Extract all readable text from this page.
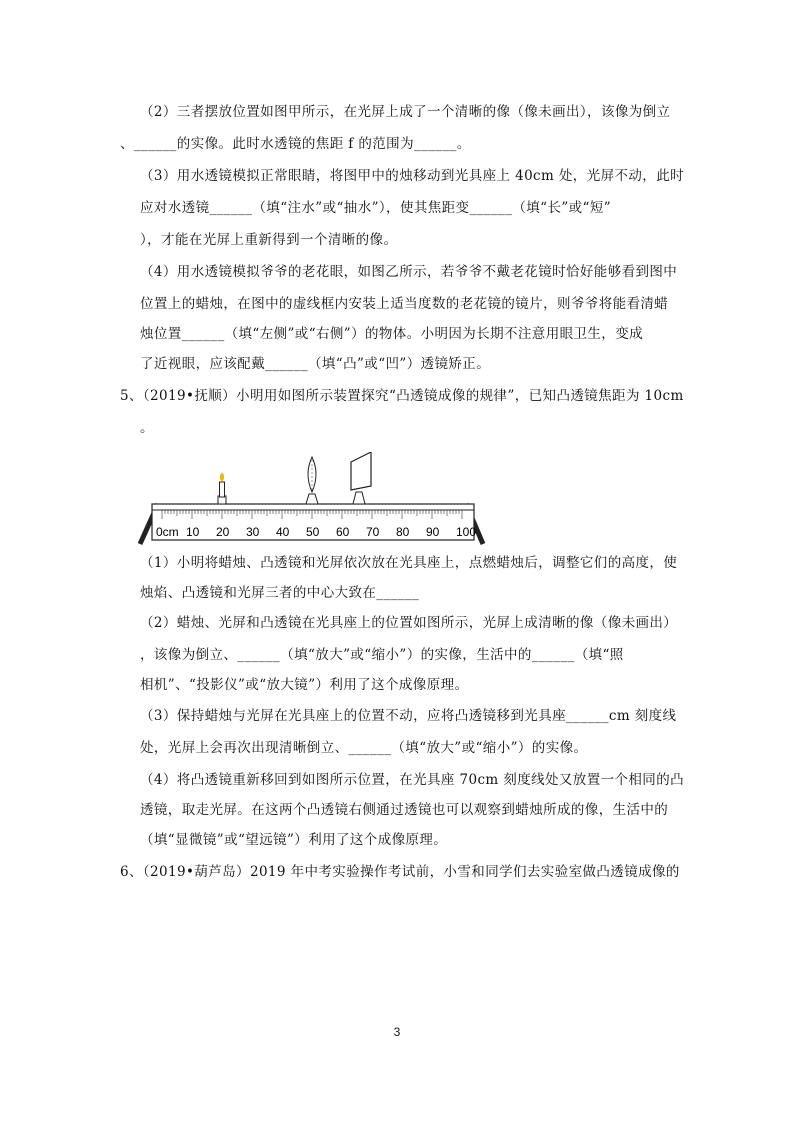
（2）三者摆放位置如图甲所示，在光屏上成了一个清晰的像（像未画出），该像为倒立
、______的实像。此时水透镜的焦距 f 的范围为______。
（3）用水透镜模拟正常眼睛，将图甲中的烛移动到光具座上 40cm 处，光屏不动，此时
应对水透镜______（填“注水”或“抽水”），使其焦距变______（填“长”或“短”
），才能在光屏上重新得到一个清晰的像。
（4）用水透镜模拟爷爷的老花眼，如图乙所示，若爷爷不戴老花镜时恰好能够看到图中
位置上的蜡烛，在图中的虚线框内安装上适当度数的老花镜的镜片，则爷爷将能看清蜡
烛位置______（填“左侧”或“右侧”）的物体。小明因为长期不注意用眼卫生，变成
了近视眼，应该配戴______（填“凸”或“凹”）透镜矫正。
5、（2019•抚顺）小明用如图所示装置探究“凸透镜成像的规律”，已知凸透镜焦距为 10cm
。
0cm 10 20 30 40 50 60 70 80 90 100
（1）小明将蜡烛、凸透镜和光屏依次放在光具座上，点燃蜡烛后，调整它们的高度，使
烛焰、凸透镜和光屏三者的中心大致在______
（2）蜡烛、光屏和凸透镜在光具座上的位置如图所示，光屏上成清晰的像（像未画出）
，该像为倒立、______（填“放大”或“缩小”）的实像，生活中的______（填“照
相机”、“投影仪”或“放大镜”）利用了这个成像原理。
（3）保持蜡烛与光屏在光具座上的位置不动，应将凸透镜移到光具座______cm 刻度线
处，光屏上会再次出现清晰倒立、______（填“放大”或“缩小”）的实像。
（4）将凸透镜重新移回到如图所示位置，在光具座 70cm 刻度线处又放置一个相同的凸
透镜，取走光屏。在这两个凸透镜右侧通过透镜也可以观察到蜡烛所成的像，生活中的
（填“显微镜”或“望远镜”）利用了这个成像原理。
6、（2019•葫芦岛）2019 年中考实验操作考试前，小雪和同学们去实验室做凸透镜成像的
3
